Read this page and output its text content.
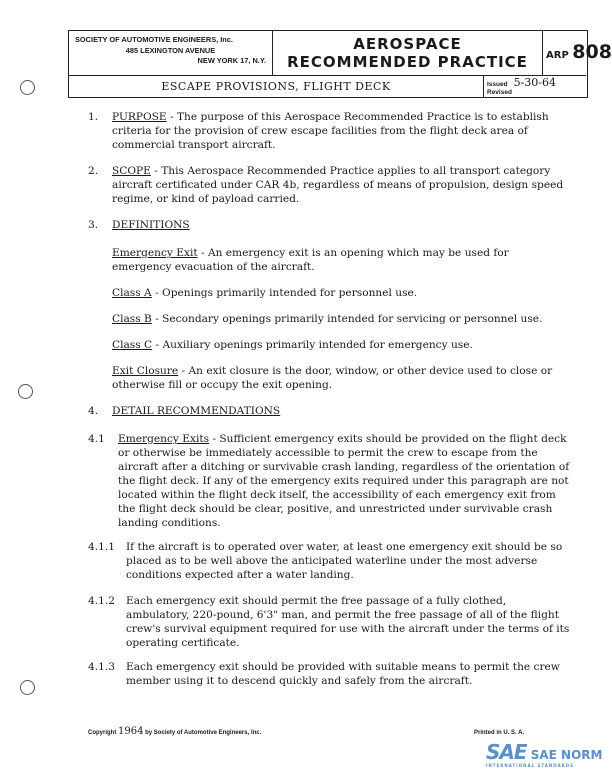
SOCIETY OF AUTOMOTIVE ENGINEERS, Inc.
485 LEXINGTON AVENUE
NEW YORK 17, N.Y.
AEROSPACE
RECOMMENDED PRACTICE	ARP 808
ESCAPE PROVISIONS, FLIGHT DECK	Issued 5-30-64
Revised
1. PURPOSE - The purpose of this Aerospace Recommended Practice is to establish criteria for the provision of crew escape facilities from the flight deck area of commercial transport aircraft.
2. SCOPE - This Aerospace Recommended Practice applies to all transport category aircraft certificated under CAR 4b, regardless of means of propulsion, design speed regime, or kind of payload carried.
3. DEFINITIONS
Emergency Exit - An emergency exit is an opening which may be used for emergency evacuation of the aircraft.
Class A - Openings primarily intended for personnel use.
Class B - Secondary openings primarily intended for servicing or personnel use.
Class C - Auxiliary openings primarily intended for emergency use.
Exit Closure - An exit closure is the door, window, or other device used to close or otherwise fill or occupy the exit opening.
4. DETAIL RECOMMENDATIONS
4.1 Emergency Exits - Sufficient emergency exits should be provided on the flight deck or otherwise be immediately accessible to permit the crew to escape from the aircraft after a ditching or survivable crash landing, regardless of the orientation of the flight deck. If any of the emergency exits required under this paragraph are not located within the flight deck itself, the accessibility of each emergency exit from the flight deck should be clear, positive, and unrestricted under survivable crash landing conditions.
4.1.1 If the aircraft is to operated over water, at least one emergency exit should be so placed as to be well above the anticipated waterline under the most adverse conditions expected after a water landing.
4.1.2 Each emergency exit should permit the free passage of a fully clothed, ambulatory, 220-pound, 6'3" man, and permit the free passage of all of the flight crew's survival equipment required for use with the aircraft under the terms of its operating certificate.
4.1.3 Each emergency exit should be provided with suitable means to permit the crew member using it to descend quickly and safely from the aircraft.
Copyright 1964 by Society of Automotive Engineers, Inc.	Printed in U. S. A.
SAE SAE NORM
INTERNATIONAL STANDARDS
